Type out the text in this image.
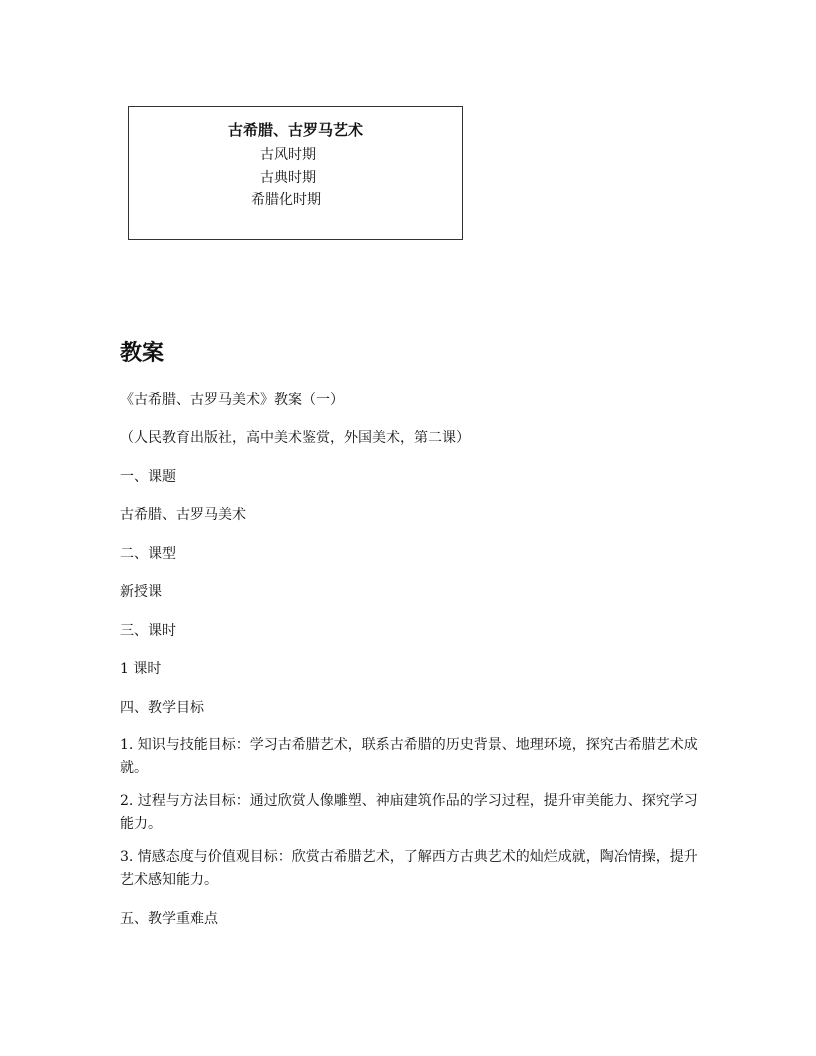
古希腊、古罗马艺术
古风时期
古典时期
希腊化时期
教案
《古希腊、古罗马美术》教案（一）
（人民教育出版社，高中美术鉴赏，外国美术，第二课）
一、课题
古希腊、古罗马美术
二、课型
新授课
三、课时
1 课时
四、教学目标
1. 知识与技能目标：学习古希腊艺术，联系古希腊的历史背景、地理环境，探究古希腊艺术成就。
2. 过程与方法目标：通过欣赏人像雕塑、神庙建筑作品的学习过程，提升审美能力、探究学习能力。
3. 情感态度与价值观目标：欣赏古希腊艺术，了解西方古典艺术的灿烂成就，陶冶情操，提升艺术感知能力。
五、教学重难点
